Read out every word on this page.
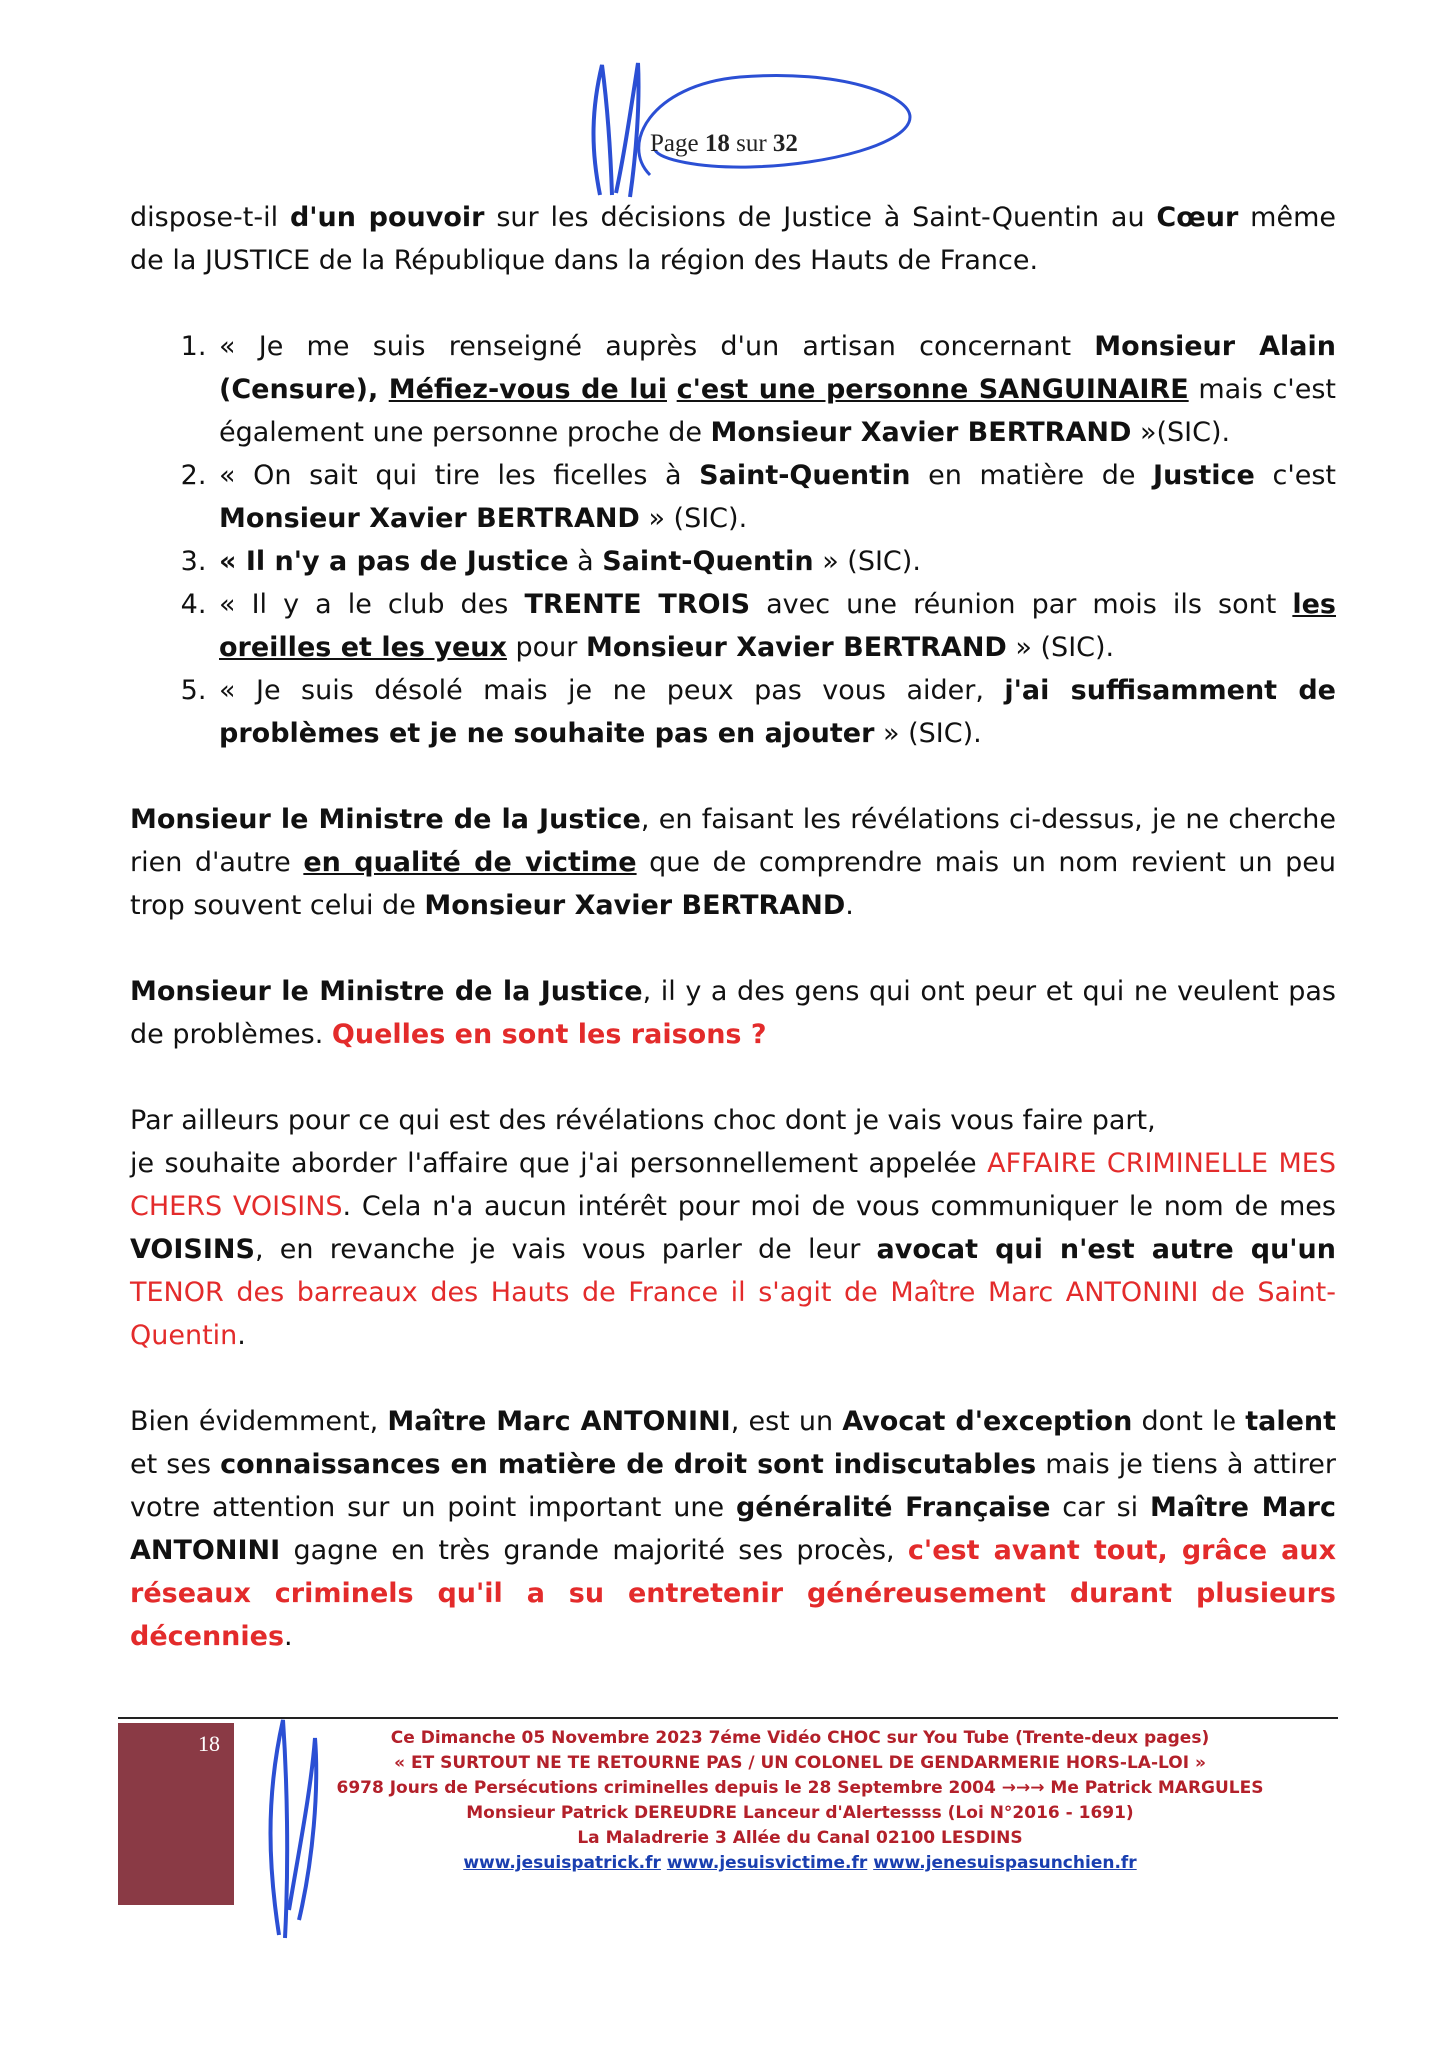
Page 18 sur 32

dispose-t-il d'un pouvoir sur les décisions de Justice à Saint-Quentin au Cœur même de la JUSTICE de la République dans la région des Hauts de France.

1. « Je me suis renseigné auprès d'un artisan concernant Monsieur Alain (Censure), Méfiez-vous de lui c'est une personne SANGUINAIRE mais c'est également une personne proche de Monsieur Xavier BERTRAND »(SIC).
2. « On sait qui tire les ficelles à Saint-Quentin en matière de Justice c'est Monsieur Xavier BERTRAND » (SIC).
3. « Il n'y a pas de Justice à Saint-Quentin » (SIC).
4. « Il y a le club des TRENTE TROIS avec une réunion par mois ils sont les oreilles et les yeux pour Monsieur Xavier BERTRAND » (SIC).
5. « Je suis désolé mais je ne peux pas vous aider, j'ai suffisamment de problèmes et je ne souhaite pas en ajouter » (SIC).

Monsieur le Ministre de la Justice, en faisant les révélations ci-dessus, je ne cherche rien d'autre en qualité de victime que de comprendre mais un nom revient un peu trop souvent celui de Monsieur Xavier BERTRAND.

Monsieur le Ministre de la Justice, il y a des gens qui ont peur et qui ne veulent pas de problèmes. Quelles en sont les raisons ?

Par ailleurs pour ce qui est des révélations choc dont je vais vous faire part,

je souhaite aborder l'affaire que j'ai personnellement appelée AFFAIRE CRIMINELLE MES CHERS VOISINS. Cela n'a aucun intérêt pour moi de vous communiquer le nom de mes VOISINS, en revanche je vais vous parler de leur avocat qui n'est autre qu'un TENOR des barreaux des Hauts de France il s'agit de Maître Marc ANTONINI de Saint-Quentin.

Bien évidemment, Maître Marc ANTONINI, est un Avocat d'exception dont le talent et ses connaissances en matière de droit sont indiscutables mais je tiens à attirer votre attention sur un point important une généralité Française car si Maître Marc ANTONINI gagne en très grande majorité ses procès, c'est avant tout, grâce aux réseaux criminels qu'il a su entretenir généreusement durant plusieurs décennies.

18	Ce Dimanche 05 Novembre 2023 7éme Vidéo CHOC sur You Tube (Trente-deux pages)
« ET SURTOUT NE TE RETOURNE PAS / UN COLONEL DE GENDARMERIE HORS-LA-LOI »
6978 Jours de Persécutions criminelles depuis le 28 Septembre 2004 →→→ Me Patrick MARGULES
Monsieur Patrick DEREUDRE Lanceur d'Alertessss (Loi N°2016 - 1691)
La Maladrerie 3 Allée du Canal 02100 LESDINS
www.jesuispatrick.fr www.jesuisvictime.fr www.jenesuispasunchien.fr
